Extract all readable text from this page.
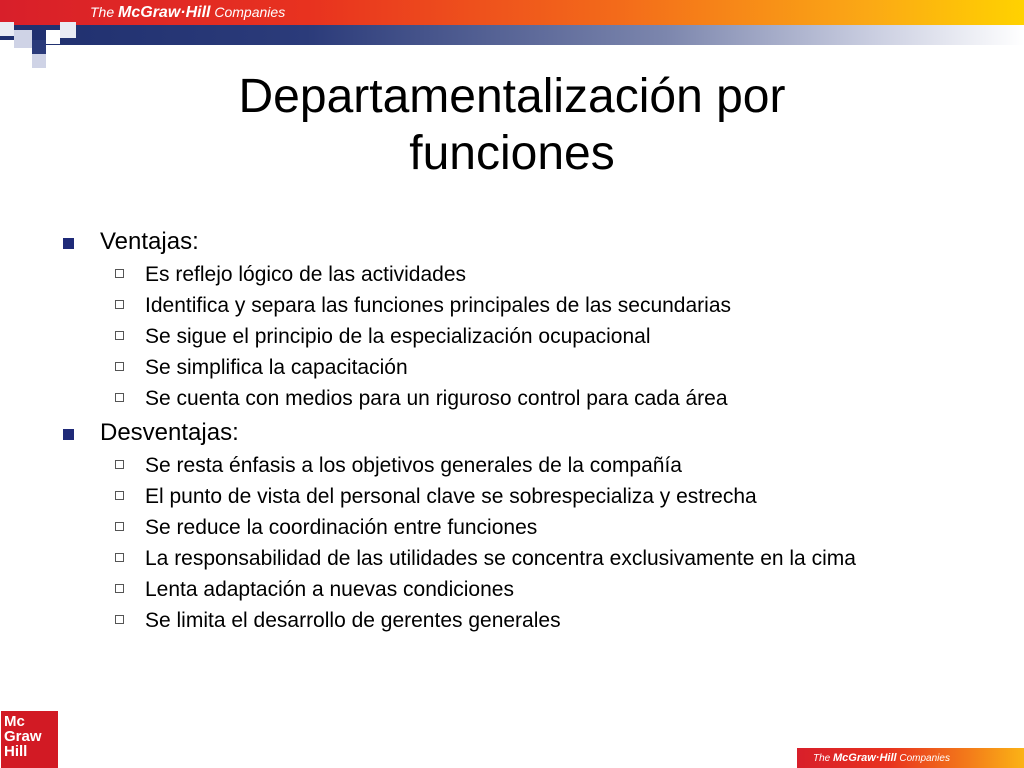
The McGraw·Hill Companies
Departamentalización por
funciones
Ventajas:
Es reflejo lógico de las actividades
Identifica y separa las funciones principales de las secundarias
Se sigue el principio de la especialización ocupacional
Se simplifica la capacitación
Se cuenta con medios para un riguroso control para cada área
Desventajas:
Se resta énfasis a los objetivos generales de la compañía
El punto de vista del personal clave se sobrespecializa y estrecha
Se reduce la coordinación entre funciones
La responsabilidad de las utilidades se concentra exclusivamente en la cima
Lenta adaptación a nuevas condiciones
Se limita el desarrollo de gerentes generales
Mc
Graw
Hill	The McGraw·Hill Companies
